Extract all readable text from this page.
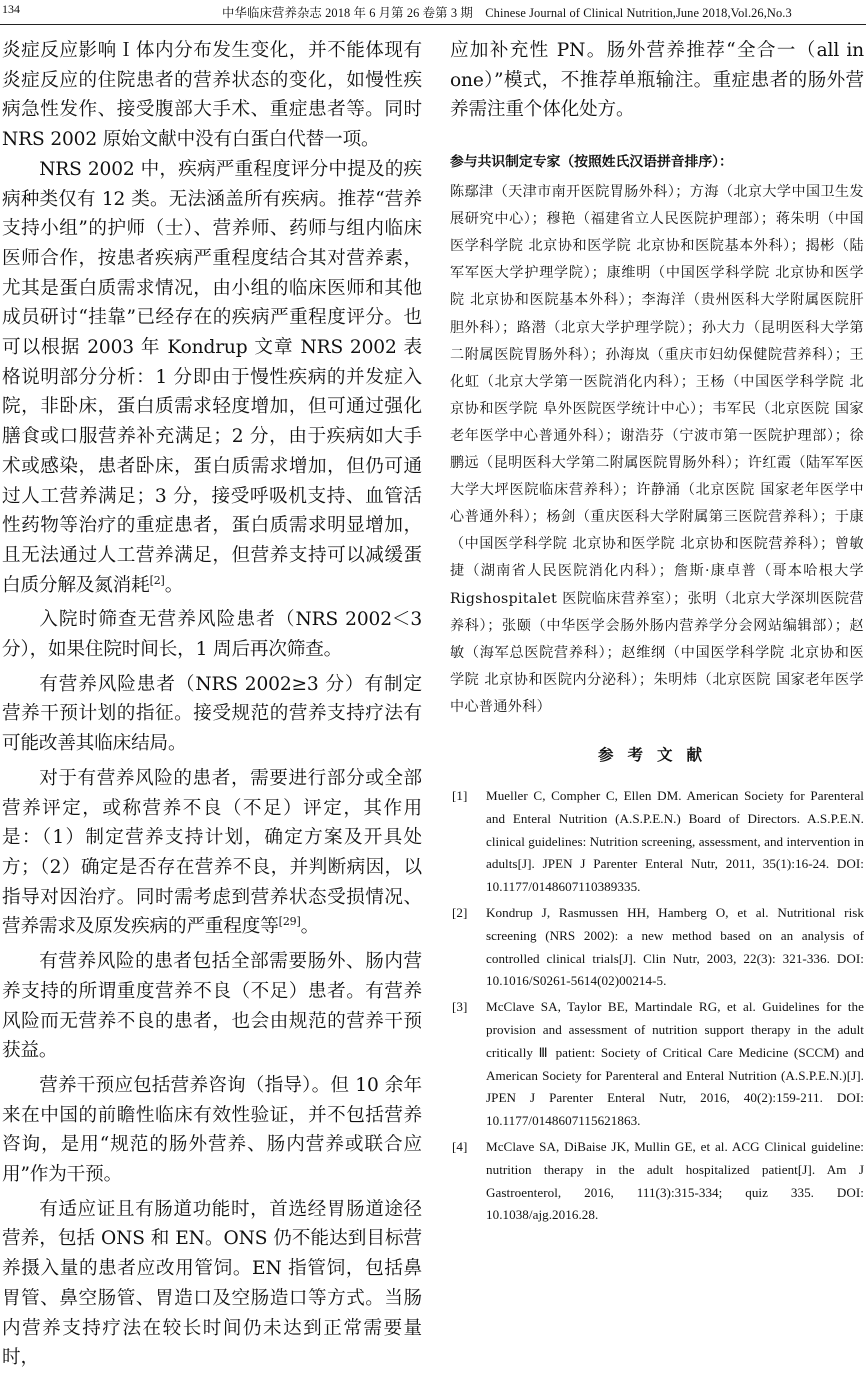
134	中华临床营养杂志 2018 年 6 月第 26 卷第 3 期　Chinese Journal of Clinical Nutrition,June 2018,Vol.26,No.3

炎症反应影响Ｉ体内分布发生变化，并不能体现有炎症反应的住院患者的营养状态的变化，如慢性疾病急性发作、接受腹部大手术、重症患者等。同时 NRS 2002 原始文献中没有白蛋白代替一项。

NRS 2002 中，疾病严重程度评分中提及的疾病种类仅有 12 类。无法涵盖所有疾病。推荐“营养支持小组”的护师（士）、营养师、药师与组内临床医师合作，按患者疾病严重程度结合其对营养素，尤其是蛋白质需求情况，由小组的临床医师和其他成员研讨“挂靠”已经存在的疾病严重程度评分。也可以根据 2003 年 Kondrup 文章 NRS 2002 表格说明部分分析：1 分即由于慢性疾病的并发症入院，非卧床，蛋白质需求轻度增加，但可通过强化膳食或口服营养补充满足；2 分，由于疾病如大手术或感染，患者卧床，蛋白质需求增加，但仍可通过人工营养满足；3 分，接受呼吸机支持、血管活性药物等治疗的重症患者，蛋白质需求明显增加，且无法通过人工营养满足，但营养支持可以减缓蛋白质分解及氮消耗[2]。

入院时筛查无营养风险患者（NRS 2002＜3 分），如果住院时间长，1 周后再次筛查。

有营养风险患者（NRS 2002≥3 分）有制定营养干预计划的指征。接受规范的营养支持疗法有可能改善其临床结局。

对于有营养风险的患者，需要进行部分或全部营养评定，或称营养不良（不足）评定，其作用是：（1）制定营养支持计划，确定方案及开具处方；（2）确定是否存在营养不良，并判断病因，以指导对因治疗。同时需考虑到营养状态受损情况、营养需求及原发疾病的严重程度等[29]。

有营养风险的患者包括全部需要肠外、肠内营养支持的所谓重度营养不良（不足）患者。有营养风险而无营养不良的患者，也会由规范的营养干预获益。

营养干预应包括营养咨询（指导）。但 10 余年来在中国的前瞻性临床有效性验证，并不包括营养咨询，是用“规范的肠外营养、肠内营养或联合应用”作为干预。

有适应证且有肠道功能时，首选经胃肠道途径营养，包括 ONS 和 EN。ONS 仍不能达到目标营养摄入量的患者应改用管饲。EN 指管饲，包括鼻胃管、鼻空肠管、胃造口及空肠造口等方式。当肠内营养支持疗法在较长时间仍未达到正常需要量时，

应加补充性 PN。肠外营养推荐“全合一（all in one）”模式，不推荐单瓶输注。重症患者的肠外营养需注重个体化处方。

参与共识制定专家（按照姓氏汉语拼音排序）：

陈鄢津（天津市南开医院胃肠外科）；方海（北京大学中国卫生发展研究中心）；穆艳（福建省立人民医院护理部）；蒋朱明（中国医学科学院 北京协和医学院 北京协和医院基本外科）；揭彬（陆军军医大学护理学院）；康维明（中国医学科学院 北京协和医学院 北京协和医院基本外科）；李海洋（贵州医科大学附属医院肝胆外科）；路潜（北京大学护理学院）；孙大力（昆明医科大学第二附属医院胃肠外科）；孙海岚（重庆市妇幼保健院营养科）；王化虹（北京大学第一医院消化内科）；王杨（中国医学科学院 北京协和医学院 阜外医院医学统计中心）；韦军民（北京医院 国家老年医学中心普通外科）；谢浩芬（宁波市第一医院护理部）；徐鹏远（昆明医科大学第二附属医院胃肠外科）；许红霞（陆军军医大学大坪医院临床营养科）；许静涌（北京医院 国家老年医学中心普通外科）；杨剑（重庆医科大学附属第三医院营养科）；于康（中国医学科学院 北京协和医学院 北京协和医院营养科）；曾敏捷（湖南省人民医院消化内科）；詹斯·康卓普（哥本哈根大学 Rigshospitalet 医院临床营养室）；张明（北京大学深圳医院营养科）；张颐（中华医学会肠外肠内营养学分会网站编辑部）；赵敏（海军总医院营养科）；赵维纲（中国医学科学院 北京协和医学院 北京协和医院内分泌科）；朱明炜（北京医院 国家老年医学中心普通外科）

参考文献
[1] Mueller C, Compher C, Ellen DM. American Society for Parenteral and Enteral Nutrition (A.S.P.E.N.) Board of Directors. A.S.P.E.N. clinical guidelines: Nutrition screening, assessment, and intervention in adults[J]. JPEN J Parenter Enteral Nutr, 2011, 35(1):16-24. DOI: 10.1177/0148607110389335.
[2] Kondrup J, Rasmussen HH, Hamberg O, et al. Nutritional risk screening (NRS 2002): a new method based on an analysis of controlled clinical trials[J]. Clin Nutr, 2003, 22(3): 321-336. DOI: 10.1016/S0261-5614(02)00214-5.
[3] McClave SA, Taylor BE, Martindale RG, et al. Guidelines for the provision and assessment of nutrition support therapy in the adult critically Ⅲ patient: Society of Critical Care Medicine (SCCM) and American Society for Parenteral and Enteral Nutrition (A.S.P.E.N.)[J]. JPEN J Parenter Enteral Nutr, 2016, 40(2):159-211. DOI: 10.1177/0148607115621863.
[4] McClave SA, DiBaise JK, Mullin GE, et al. ACG Clinical guideline: nutrition therapy in the adult hospitalized patient[J]. Am J Gastroenterol, 2016, 111(3):315-334; quiz 335. DOI: 10.1038/ajg.2016.28.
